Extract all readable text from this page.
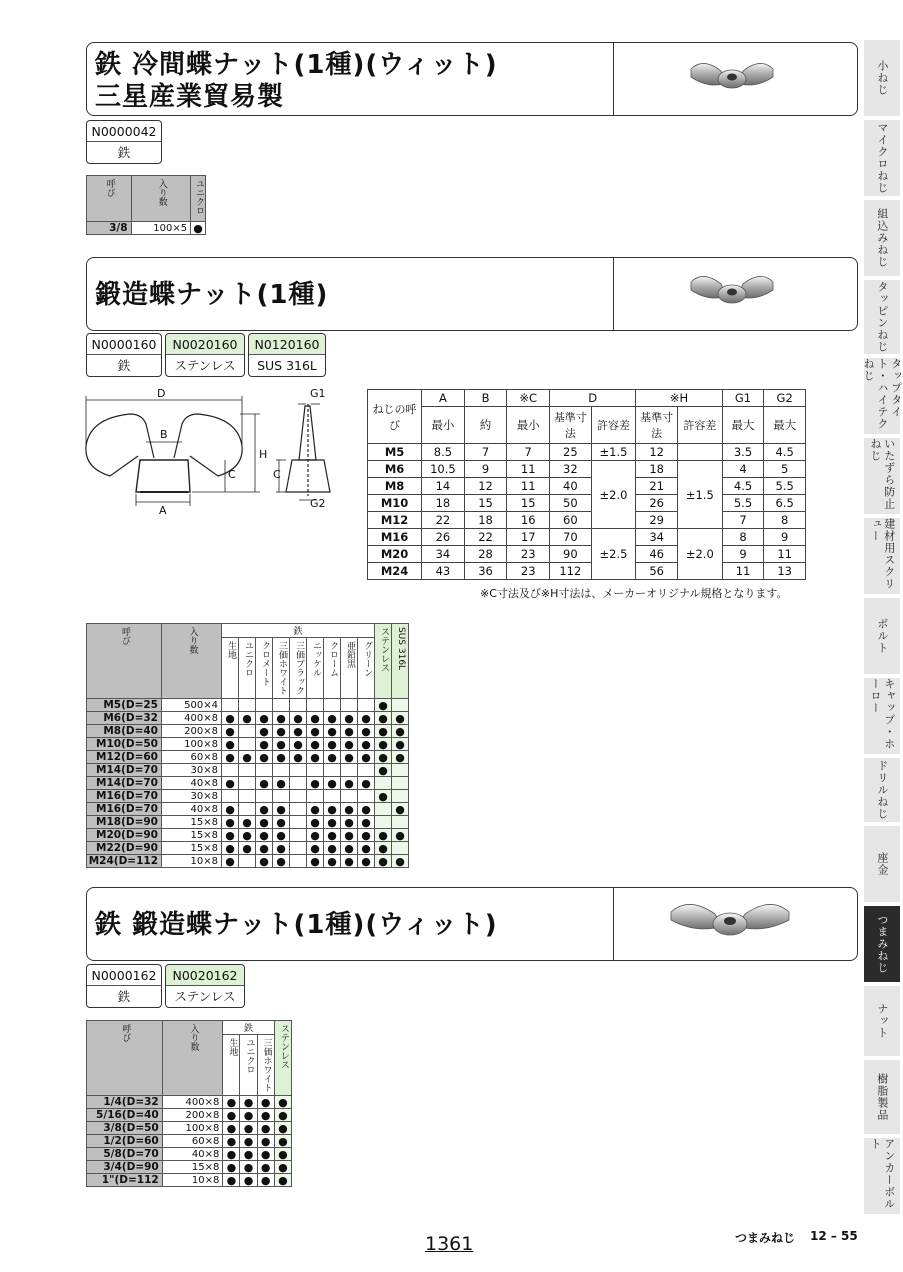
小ねじ
マイクロねじ
組込みねじ
タッピンねじ
タップタイト・ハイテクねじ
いたずら防止ねじ
建材用スクリュー
ボルト
キャップ・ホーロー
ドリルねじ
座金
つまみねじ
ナット
樹脂製品
アンカーボルト
鉄 冷間蝶ナット(1種)(ウィット)
三星産業貿易製
N0000042
鉄
呼び	入り数	ユニクロ
3/8	100×5	●
鍛造蝶ナット(1種)
N0000160
鉄
N0020160
ステンレス
N0120160
SUS 316L
D
B
A
C
H
C
G1
G2
ねじの呼び	A	B	※C	D		※H		G1	G2
	最小	約	最小	基準寸法	許容差	基準寸法	許容差	最大	最大
M5	8.5	7	7	25	±1.5	12		3.5	4.5
M6	10.5	9	11	32	±2.0	18	±1.5	4	5
M8	14	12	11	40		21		4.5	5.5
M10	18	15	15	50		26		5.5	6.5
M12	22	18	16	60		29		7	8
M16	26	22	17	70	±2.5	34	±2.0	8	9
M20	34	28	23	90		46		9	11
M24	43	36	23	112		56		11	13
※C寸法及び※H寸法は、メーカーオリジナル規格となります。
呼び	入り数	鉄									ステンレス	SUS 316L
		生地	ユニクロ	クロメート	三価ホワイト	三価ブラック	ニッケル	クローム	亜鉛黒	グリーン		
M5(D=25	500×4										●	
M6(D=32	400×8	●	●	●	●	●	●	●	●	●	●	●
M8(D=40	200×8	●		●	●	●	●	●	●	●	●	●
M10(D=50	100×8	●		●	●	●	●	●	●	●	●	●
M12(D=60	60×8	●	●	●	●	●	●	●	●	●	●	●
M14(D=70	30×8										●	
M14(D=70	40×8	●		●	●		●	●	●	●		
M16(D=70	30×8										●	
M16(D=70	40×8	●		●	●		●	●	●	●		●
M18(D=90	15×8	●	●	●	●		●	●	●	●		
M20(D=90	15×8	●	●	●	●		●	●	●	●	●	●
M22(D=90	15×8	●	●	●	●		●	●	●	●	●	
M24(D=112	10×8	●		●	●		●	●	●	●	●	●
鉄 鍛造蝶ナット(1種)(ウィット)
N0000162
鉄
N0020162
ステンレス
呼び	入り数	鉄			ステンレス
		生地	ユニクロ	三価ホワイト	
1/4(D=32	400×8	●	●	●	●
5/16(D=40	200×8	●	●	●	●
3/8(D=50	100×8	●	●	●	●
1/2(D=60	60×8	●	●	●	●
5/8(D=70	40×8	●	●	●	●
3/4(D=90	15×8	●	●	●	●
1"(D=112	10×8	●	●	●	●
1361	つまみねじ 12 – 55
